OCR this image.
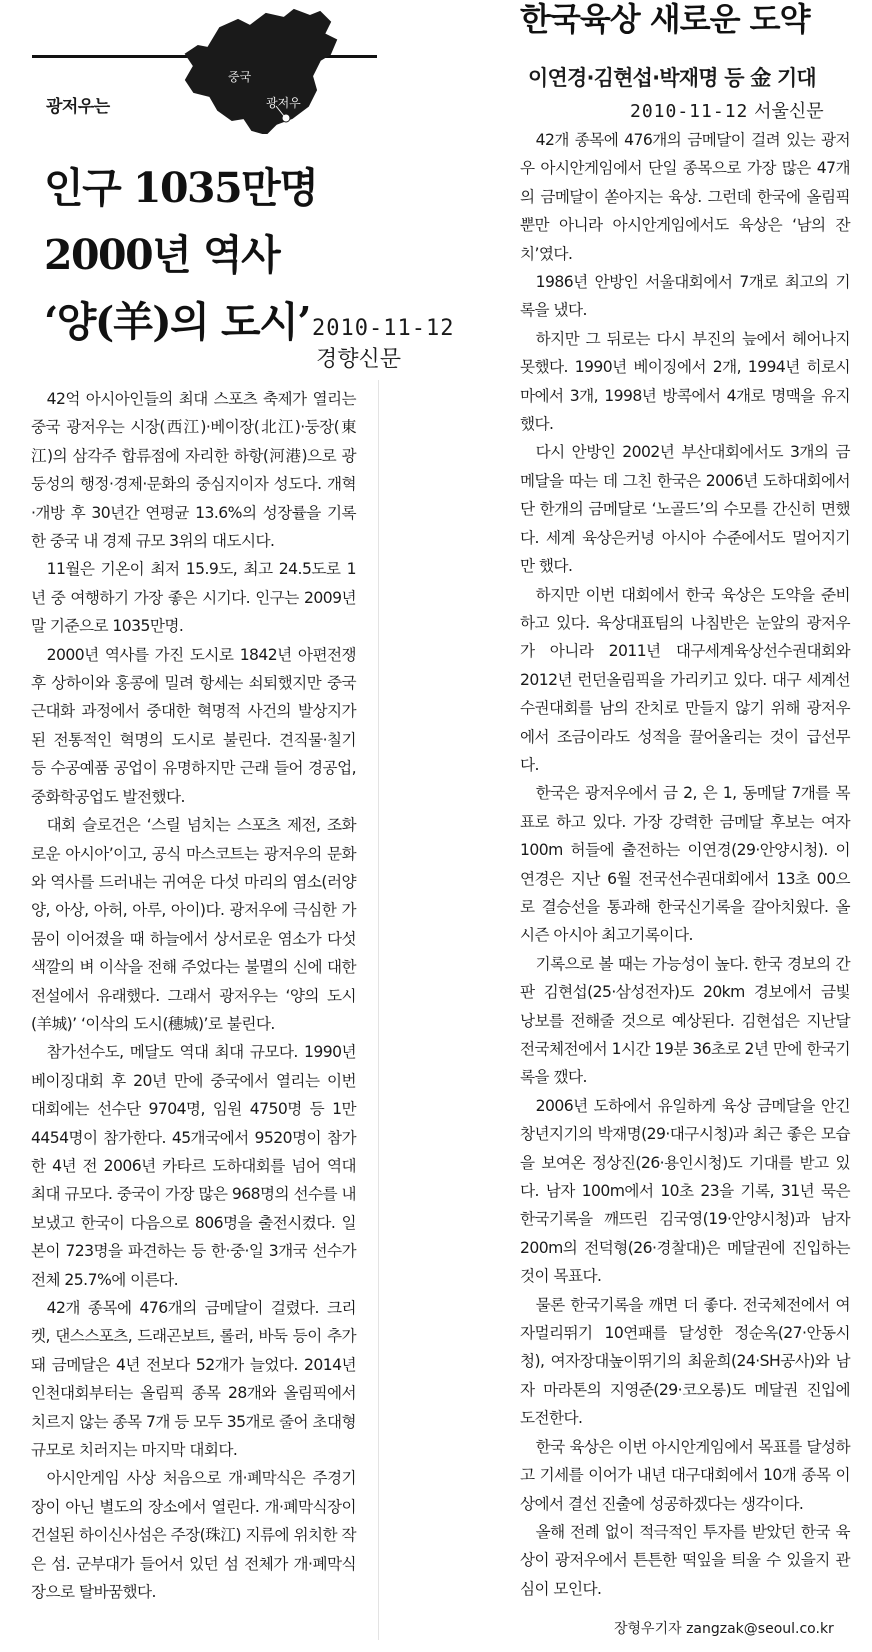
중국
광저우
광저우는
인구 1035만명
2000년 역사
‘양(羊)의 도시’ 2010-11-12
경향신문

42억 아시아인들의 최대 스포츠 축제가 열리는 중국 광저우는 시장(西江)·베이장(北江)·둥장(東江)의 삼각주 합류점에 자리한 하항(河港)으로 광둥성의 행정·경제·문화의 중심지이자 성도다. 개혁·개방 후 30년간 연평균 13.6%의 성장률을 기록한 중국 내 경제 규모 3위의 대도시다.

11월은 기온이 최저 15.9도, 최고 24.5도로 1년 중 여행하기 가장 좋은 시기다. 인구는 2009년 말 기준으로 1035만명.

2000년 역사를 가진 도시로 1842년 아편전쟁 후 상하이와 홍콩에 밀려 항세는 쇠퇴했지만 중국 근대화 과정에서 중대한 혁명적 사건의 발상지가 된 전통적인 혁명의 도시로 불린다. 견직물·칠기 등 수공예품 공업이 유명하지만 근래 들어 경공업, 중화학공업도 발전했다.

대회 슬로건은 ‘스릴 넘치는 스포츠 제전, 조화로운 아시아’이고, 공식 마스코트는 광저우의 문화와 역사를 드러내는 귀여운 다섯 마리의 염소(러양양, 아상, 아허, 아루, 아이)다. 광저우에 극심한 가뭄이 이어졌을 때 하늘에서 상서로운 염소가 다섯 색깔의 벼 이삭을 전해 주었다는 불멸의 신에 대한 전설에서 유래했다. 그래서 광저우는 ‘양의 도시(羊城)’ ‘이삭의 도시(穗城)’로 불린다.

참가선수도, 메달도 역대 최대 규모다. 1990년 베이징대회 후 20년 만에 중국에서 열리는 이번 대회에는 선수단 9704명, 임원 4750명 등 1만4454명이 참가한다. 45개국에서 9520명이 참가한 4년 전 2006년 카타르 도하대회를 넘어 역대 최대 규모다. 중국이 가장 많은 968명의 선수를 내보냈고 한국이 다음으로 806명을 출전시켰다. 일본이 723명을 파견하는 등 한·중·일 3개국 선수가 전체 25.7%에 이른다.

42개 종목에 476개의 금메달이 걸렸다. 크리켓, 댄스스포츠, 드래곤보트, 롤러, 바둑 등이 추가돼 금메달은 4년 전보다 52개가 늘었다. 2014년 인천대회부터는 올림픽 종목 28개와 올림픽에서 치르지 않는 종목 7개 등 모두 35개로 줄어 초대형 규모로 치러지는 마지막 대회다.

아시안게임 사상 처음으로 개·폐막식은 주경기장이 아닌 별도의 장소에서 열린다. 개·폐막식장이 건설된 하이신사섬은 주장(珠江) 지류에 위치한 작은 섬. 군부대가 들어서 있던 섬 전체가 개·폐막식장으로 탈바꿈했다.

한국육상 새로운 도약
이연경·김현섭·박재명 등 金 기대
2010-11-12 서울신문

42개 종목에 476개의 금메달이 걸려 있는 광저우 아시안게임에서 단일 종목으로 가장 많은 47개의 금메달이 쏟아지는 육상. 그런데 한국에 올림픽뿐만 아니라 아시안게임에서도 육상은 ‘남의 잔치’였다.

1986년 안방인 서울대회에서 7개로 최고의 기록을 냈다.

하지만 그 뒤로는 다시 부진의 늪에서 헤어나지 못했다. 1990년 베이징에서 2개, 1994년 히로시마에서 3개, 1998년 방콕에서 4개로 명맥을 유지했다.

다시 안방인 2002년 부산대회에서도 3개의 금메달을 따는 데 그친 한국은 2006년 도하대회에서 단 한개의 금메달로 ‘노골드’의 수모를 간신히 면했다. 세계 육상은커녕 아시아 수준에서도 멀어지기만 했다.

하지만 이번 대회에서 한국 육상은 도약을 준비하고 있다. 육상대표팀의 나침반은 눈앞의 광저우가 아니라 2011년 대구세계육상선수권대회와 2012년 런던올림픽을 가리키고 있다. 대구 세계선수권대회를 남의 잔치로 만들지 않기 위해 광저우에서 조금이라도 성적을 끌어올리는 것이 급선무다.

한국은 광저우에서 금 2, 은 1, 동메달 7개를 목표로 하고 있다. 가장 강력한 금메달 후보는 여자 100m 허들에 출전하는 이연경(29·안양시청). 이연경은 지난 6월 전국선수권대회에서 13초 00으로 결승선을 통과해 한국신기록을 갈아치웠다. 올 시즌 아시아 최고기록이다.

기록으로 볼 때는 가능성이 높다. 한국 경보의 간판 김현섭(25·삼성전자)도 20km 경보에서 금빛 낭보를 전해줄 것으로 예상된다. 김현섭은 지난달 전국체전에서 1시간 19분 36초로 2년 만에 한국기록을 깼다.

2006년 도하에서 유일하게 육상 금메달을 안긴 창년지기의 박재명(29·대구시청)과 최근 좋은 모습을 보여온 정상진(26·용인시청)도 기대를 받고 있다. 남자 100m에서 10초 23을 기록, 31년 묵은 한국기록을 깨뜨린 김국영(19·안양시청)과 남자 200m의 전덕형(26·경찰대)은 메달권에 진입하는 것이 목표다.

물론 한국기록을 깨면 더 좋다. 전국체전에서 여자멀리뛰기 10연패를 달성한 정순옥(27·안동시청), 여자장대높이뛰기의 최윤희(24·SH공사)와 남자 마라톤의 지영준(29·코오롱)도 메달권 진입에 도전한다.

한국 육상은 이번 아시안게임에서 목표를 달성하고 기세를 이어가 내년 대구대회에서 10개 종목 이상에서 결선 진출에 성공하겠다는 생각이다.

올해 전례 없이 적극적인 투자를 받았던 한국 육상이 광저우에서 튼튼한 떡잎을 틔울 수 있을지 관심이 모인다.

장형우기자 zangzak@seoul.co.kr
